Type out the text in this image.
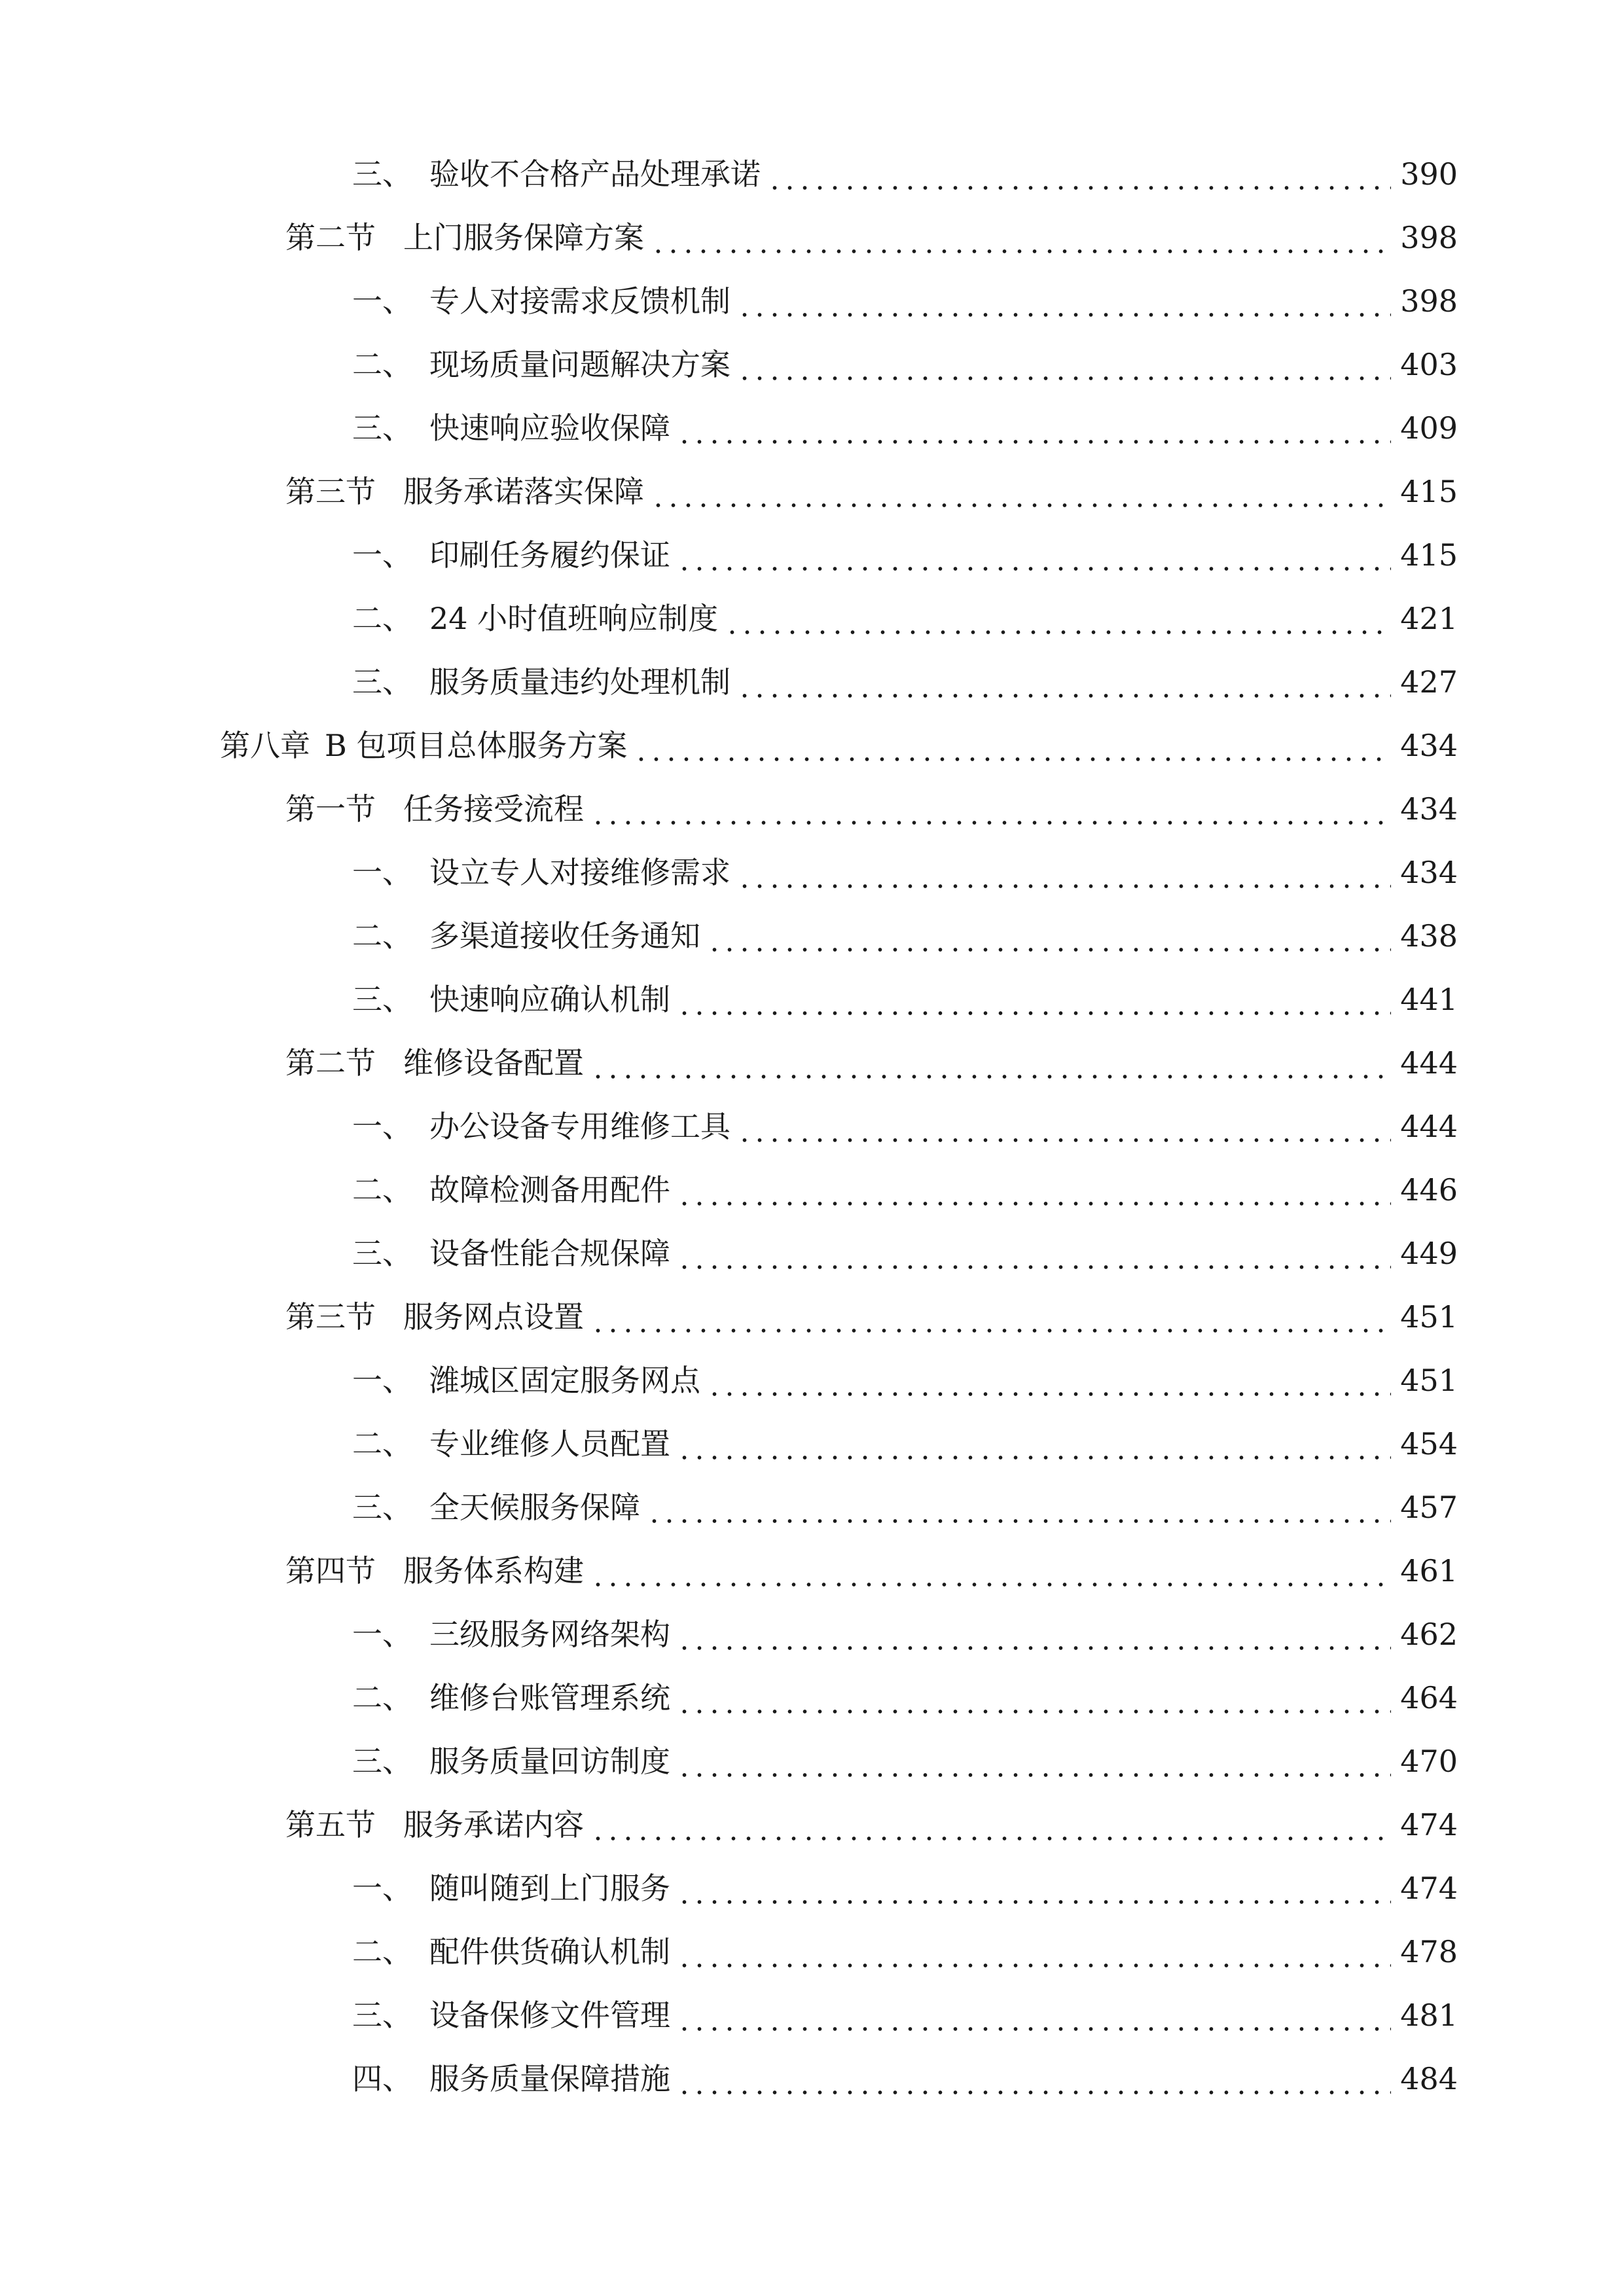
三、 验收不合格产品处理承诺	390
第二节 上门服务保障方案	398
一、 专人对接需求反馈机制	398
二、 现场质量问题解决方案	403
三、 快速响应验收保障	409
第三节 服务承诺落实保障	415
一、 印刷任务履约保证	415
二、 24 小时值班响应制度	421
三、 服务质量违约处理机制	427
第八章 B 包项目总体服务方案	434
第一节 任务接受流程	434
一、 设立专人对接维修需求	434
二、 多渠道接收任务通知	438
三、 快速响应确认机制	441
第二节 维修设备配置	444
一、 办公设备专用维修工具	444
二、 故障检测备用配件	446
三、 设备性能合规保障	449
第三节 服务网点设置	451
一、 潍城区固定服务网点	451
二、 专业维修人员配置	454
三、 全天候服务保障	457
第四节 服务体系构建	461
一、 三级服务网络架构	462
二、 维修台账管理系统	464
三、 服务质量回访制度	470
第五节 服务承诺内容	474
一、 随叫随到上门服务	474
二、 配件供货确认机制	478
三、 设备保修文件管理	481
四、 服务质量保障措施	484
